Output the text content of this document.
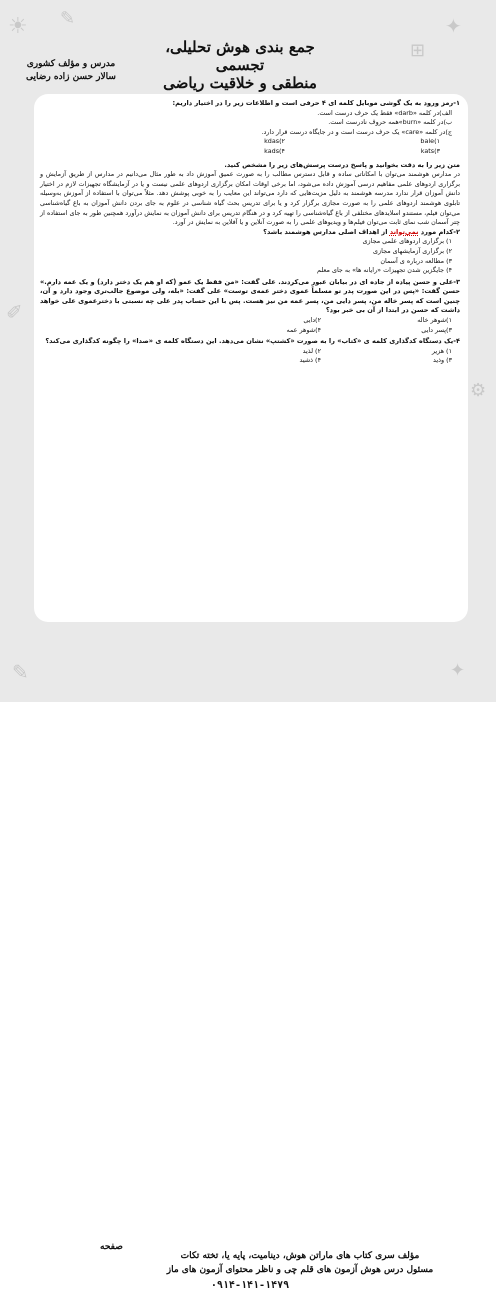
☀ ✎	✦
⊞
✐
⚙
✎	✦
جمع بندی هوش تحلیلی، تجسمی
منطقی و خلاقیت ریاضی
مدرس و مؤلف کشوری
سالار حسن زاده رضایی
۱-رمز ورود به یک گوشی موبایل کلمه ای ۴ حرفی است و اطلاعات زیر را در اختیار داریم:
الف)در کلمه «darb» فقط یک حرف درست است.
ب)در کلمه «burn»همه حروف نادرست است.
ج)در کلمه «care» یک حرف درست است و در جایگاه درست قرار دارد.
bale(۱
kdas(۲
kats(۳
kads(۴
متن زیر را به دقت بخوانید و پاسخ درست پرسش‌های زیر را مشخص کنید.
در مدارس هوشمند می‌توان با امکاناتی ساده و قابل دسترس مطالب را به صورت عمیق آموزش داد به طور مثال می‌دانیم در مدارس از طریق آزمایش و برگزاری اردوهای علمی مفاهیم درسی آموزش داده می‌شود، اما برخی اوقات امکان برگزاری اردوهای علمی نیست و یا در آزمایشگاه تجهیزات لازم در اختیار دانش آموزان قرار ندارد مدرسه هوشمند به دلیل مزیت‌هایی که دارد می‌تواند این معایب را به خوبی پوشش دهد. مثلاً می‌توان با استفاده از آموزش به‌وسیله تابلوی هوشمند اردوهای علمی را به صورت مجازی برگزار کرد و یا برای تدریس بحث گیاه شناسی در علوم به جای بردن دانش آموزان به باغ گیاه‌شناسی می‌توان فیلم، مستندو اسلایدهای مختلفی از باغ گیاه‌شناسی را تهیه کرد و در هنگام تدریس برای دانش آموزان به نمایش درآورد همچنین طور به جای استفاده از چتر آسمان شب نمای ثابت می‌توان فیلم‌ها و ویدیوهای علمی را به صورت آنلاین و یا آفلاین به نمایش در آورد.
۲-کدام مورد نمی‌تواند از اهداف اصلی مدارس هوشمند باشد؟
۱) برگزاری اردوهای علمی مجازی
۲) برگزاری آزمایشهای مجازی
۳) مطالعه درباره ی آسمان
۴) جایگزین شدن تجهیزات «رایانه ها» به جای معلم
۳-علی و حسن پیاده از جاده ای در بیابان عبور می‌کردند. علی گفت: «من فقط یک عمو (که او هم یک دختر دارد) و یک عمه دارم.» حسن گفت: «پس در این صورت پدر تو مسلماً عموی دختر عمه‌ی توست» علی گفت: «بله، ولی موضوع جالب‌تری وجود دارد و آن، چنین است که پسر خاله من، پسر دایی من، پسر عمه من نیز هست. پس با این حساب پدر علی چه نسبتی با دخترعموی علی خواهد داشت که حسن در ابتدا از آن بی خبر بود؟
۱)شوهر خاله
۲)دایی
۳)پسر دایی
۴)شوهر عمه
۴-یک دستگاه کدگذاری کلمه ی «کتاب» را به صورت «کشتپ» نشان می‌دهد. این دستگاه کلمه ی «صدا» را چگونه کدگذاری می‌کند؟
۱) هزیر
۲) لذید
۳) وذید
۴) ذشید
صفحه
مؤلف سری کتاب های ماراتن هوش، دینامیت، پایه یا، تخته تکات
مسئول درس هوش آزمون های قلم چی و ناظر محتوای آزمون های ماز
۰۹۱۴-۱۴۱-۱۴۷۹
